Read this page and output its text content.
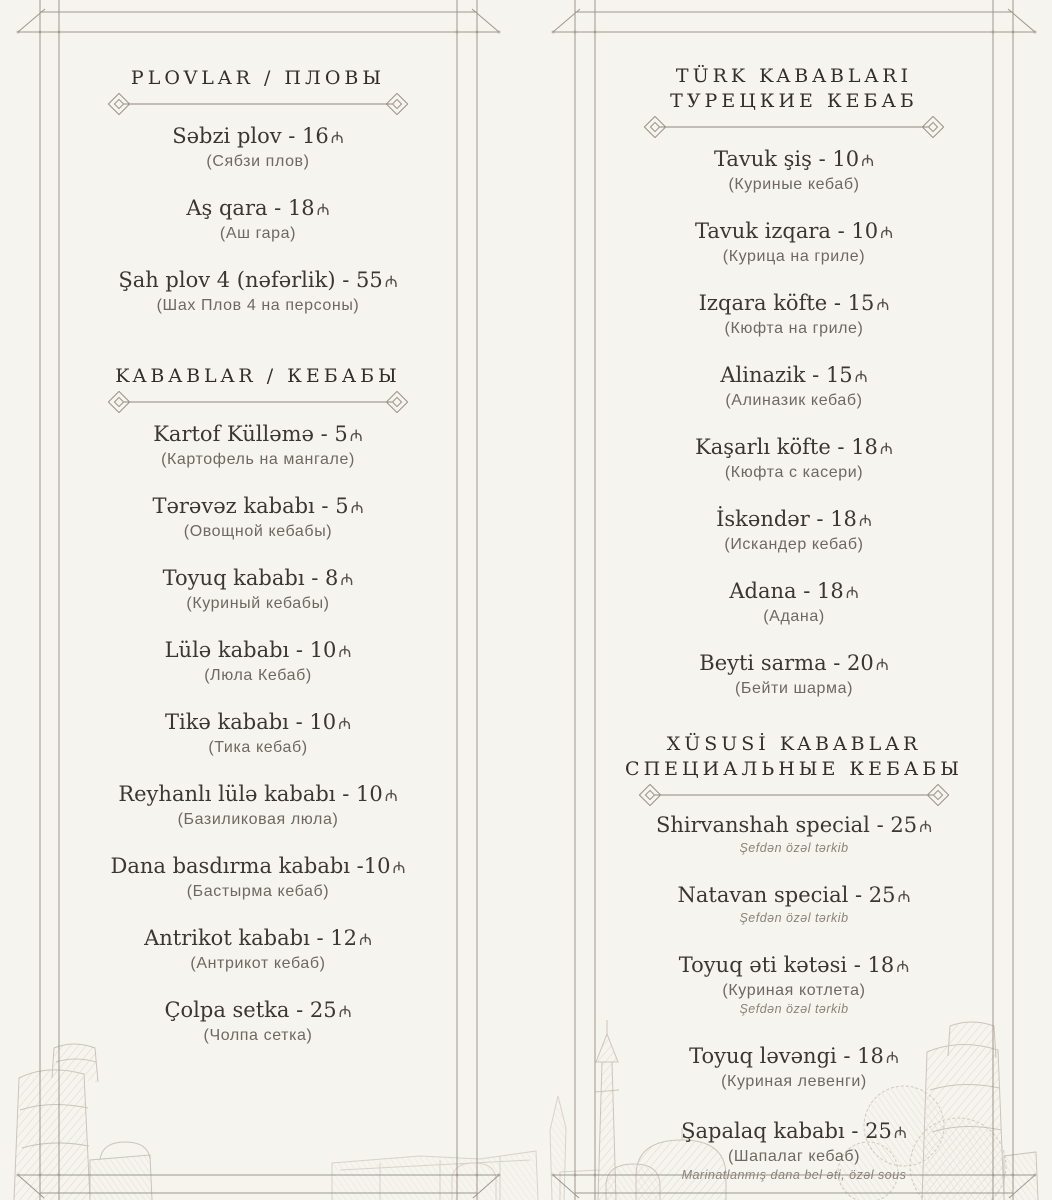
PLOVLAR / ПЛОВЫ
Səbzi plov - 16 ₼
(Сябзи плов)
Aş qara - 18 ₼
(Аш гара)
Şah plov 4 (nəfərlik) - 55 ₼
(Шах Плов 4 на персоны)
KABABLAR / КЕБАБЫ
Kartof Külləmə - 5 ₼
(Картофель на мангале)
Tərəvəz kababı - 5 ₼
(Овощной кебабы)
Toyuq kababı - 8 ₼
(Куриный кебабы)
Lülə kababı - 10 ₼
(Люла Кебаб)
Tikə kababı - 10 ₼
(Тика кебаб)
Reyhanlı lülə kababı - 10 ₼
(Базиликовая люла)
Dana basdırma kababı -10 ₼
(Бастырма кебаб)
Antrikot kababı - 12 ₼
(Антрикот кебаб)
Çolpa setka - 25 ₼
(Чолпа сетка)
TÜRK KABABLARI
ТУРЕЦКИЕ КЕБАБ
Tavuk şiş - 10 ₼
(Куриные кебаб)
Tavuk izqara - 10 ₼
(Курица на гриле)
Izqara köfte - 15 ₼
(Кюфта на гриле)
Alinazik - 15 ₼
(Алиназик кебаб)
Kaşarlı köfte - 18 ₼
(Кюфта с касери)
İskəndər - 18 ₼
(Искандер кебаб)
Adana - 18 ₼
(Адана)
Beyti sarma - 20 ₼
(Бейти шарма)
XÜSUSİ KABABLAR
СПЕЦИАЛЬНЫЕ КЕБАБЫ
Shirvanshah special - 25 ₼
Şefdən özəl tərkib
Natavan special - 25 ₼
Şefdən özəl tərkib
Toyuq əti kətəsi - 18 ₼
(Куриная котлета)
Şefdən özəl tərkib
Toyuq ləvəngi - 18 ₼
(Куриная левенги)
Şapalaq kababı - 25 ₼
(Шапалаг кебаб)
Marinatlanmış dana bel əti, özəl sous
